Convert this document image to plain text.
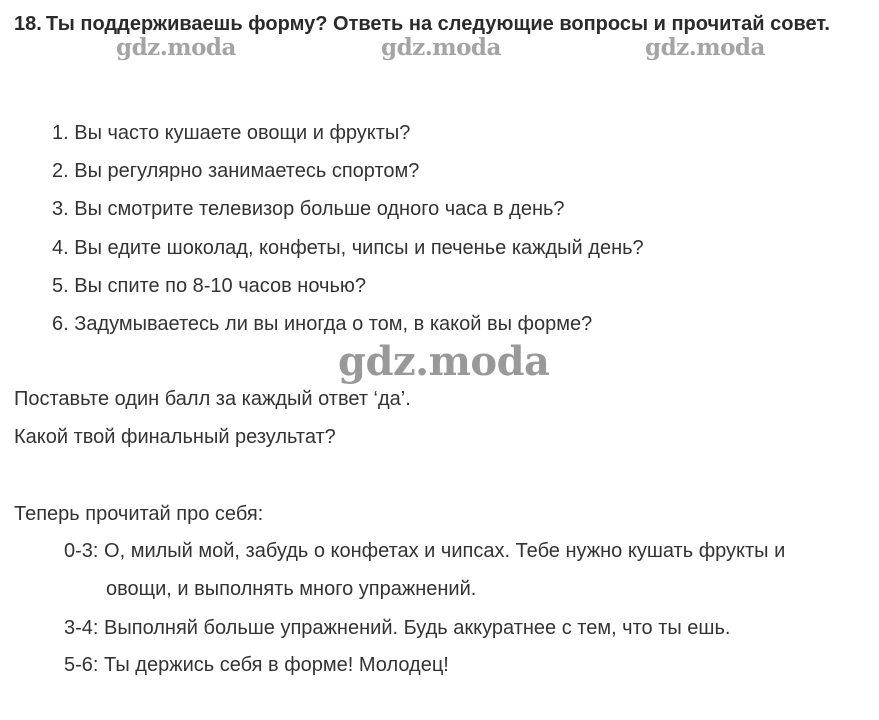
18. Ты поддерживаешь форму? Ответь на следующие вопросы и прочитай совет.
gdz.moda	gdz.moda	gdz.moda
1. Вы часто кушаете овощи и фрукты?
2. Вы регулярно занимаетесь спортом?
3. Вы смотрите телевизор больше одного часа в день?
4. Вы едите шоколад, конфеты, чипсы и печенье каждый день?
5. Вы спите по 8-10 часов ночью?
6. Задумываетесь ли вы иногда о том, в какой вы форме?
gdz.moda
Поставьте один балл за каждый ответ ‘да’.
Какой твой финальный результат?
Теперь прочитай про себя:
0-3: О, милый мой, забудь о конфетах и чипсах. Тебе нужно кушать фрукты и
овощи, и выполнять много упражнений.
3-4: Выполняй больше упражнений. Будь аккуратнее с тем, что ты ешь.
5-6: Ты держись себя в форме! Молодец!
